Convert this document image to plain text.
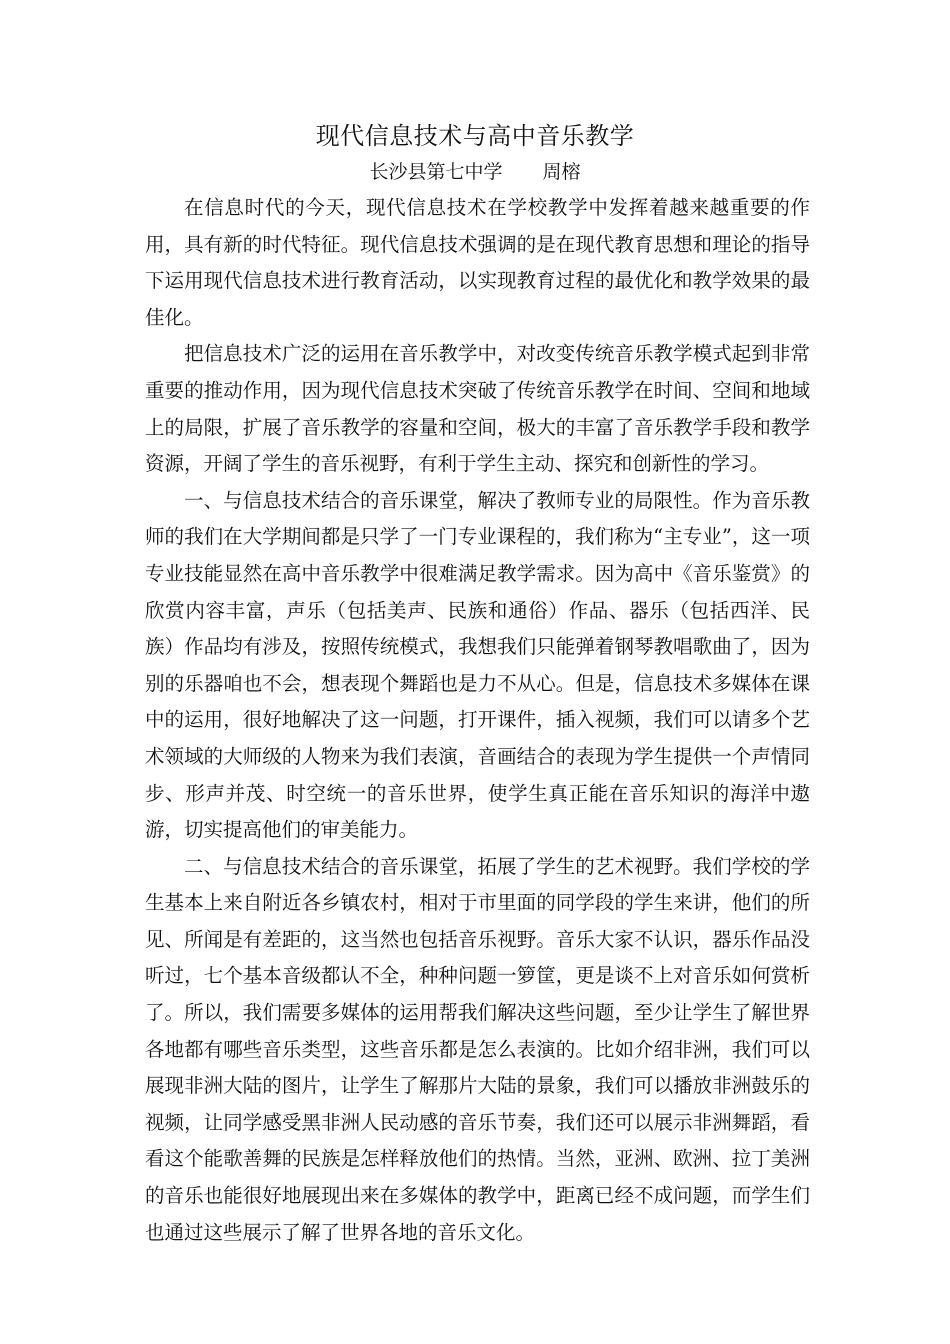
现代信息技术与高中音乐教学
长沙县第七中学 周榕

在信息时代的今天，现代信息技术在学校教学中发挥着越来越重要的作用，具有新的时代特征。现代信息技术强调的是在现代教育思想和理论的指导下运用现代信息技术进行教育活动，以实现教育过程的最优化和教学效果的最佳化。

把信息技术广泛的运用在音乐教学中，对改变传统音乐教学模式起到非常重要的推动作用，因为现代信息技术突破了传统音乐教学在时间、空间和地域上的局限，扩展了音乐教学的容量和空间，极大的丰富了音乐教学手段和教学资源，开阔了学生的音乐视野，有利于学生主动、探究和创新性的学习。

一、与信息技术结合的音乐课堂，解决了教师专业的局限性。作为音乐教师的我们在大学期间都是只学了一门专业课程的，我们称为“主专业”，这一项专业技能显然在高中音乐教学中很难满足教学需求。因为高中《音乐鉴赏》的欣赏内容丰富，声乐（包括美声、民族和通俗）作品、器乐（包括西洋、民族）作品均有涉及，按照传统模式，我想我们只能弹着钢琴教唱歌曲了，因为别的乐器咱也不会，想表现个舞蹈也是力不从心。但是，信息技术多媒体在课中的运用，很好地解决了这一问题，打开课件，插入视频，我们可以请多个艺术领域的大师级的人物来为我们表演，音画结合的表现为学生提供一个声情同步、形声并茂、时空统一的音乐世界，使学生真正能在音乐知识的海洋中遨游，切实提高他们的审美能力。

二、与信息技术结合的音乐课堂，拓展了学生的艺术视野。我们学校的学生基本上来自附近各乡镇农村，相对于市里面的同学段的学生来讲，他们的所见、所闻是有差距的，这当然也包括音乐视野。音乐大家不认识，器乐作品没听过，七个基本音级都认不全，种种问题一箩筐，更是谈不上对音乐如何赏析了。所以，我们需要多媒体的运用帮我们解决这些问题，至少让学生了解世界各地都有哪些音乐类型，这些音乐都是怎么表演的。比如介绍非洲，我们可以展现非洲大陆的图片，让学生了解那片大陆的景象，我们可以播放非洲鼓乐的视频，让同学感受黑非洲人民动感的音乐节奏，我们还可以展示非洲舞蹈，看看这个能歌善舞的民族是怎样释放他们的热情。当然，亚洲、欧洲、拉丁美洲的音乐也能很好地展现出来在多媒体的教学中，距离已经不成问题，而学生们也通过这些展示了解了世界各地的音乐文化。
